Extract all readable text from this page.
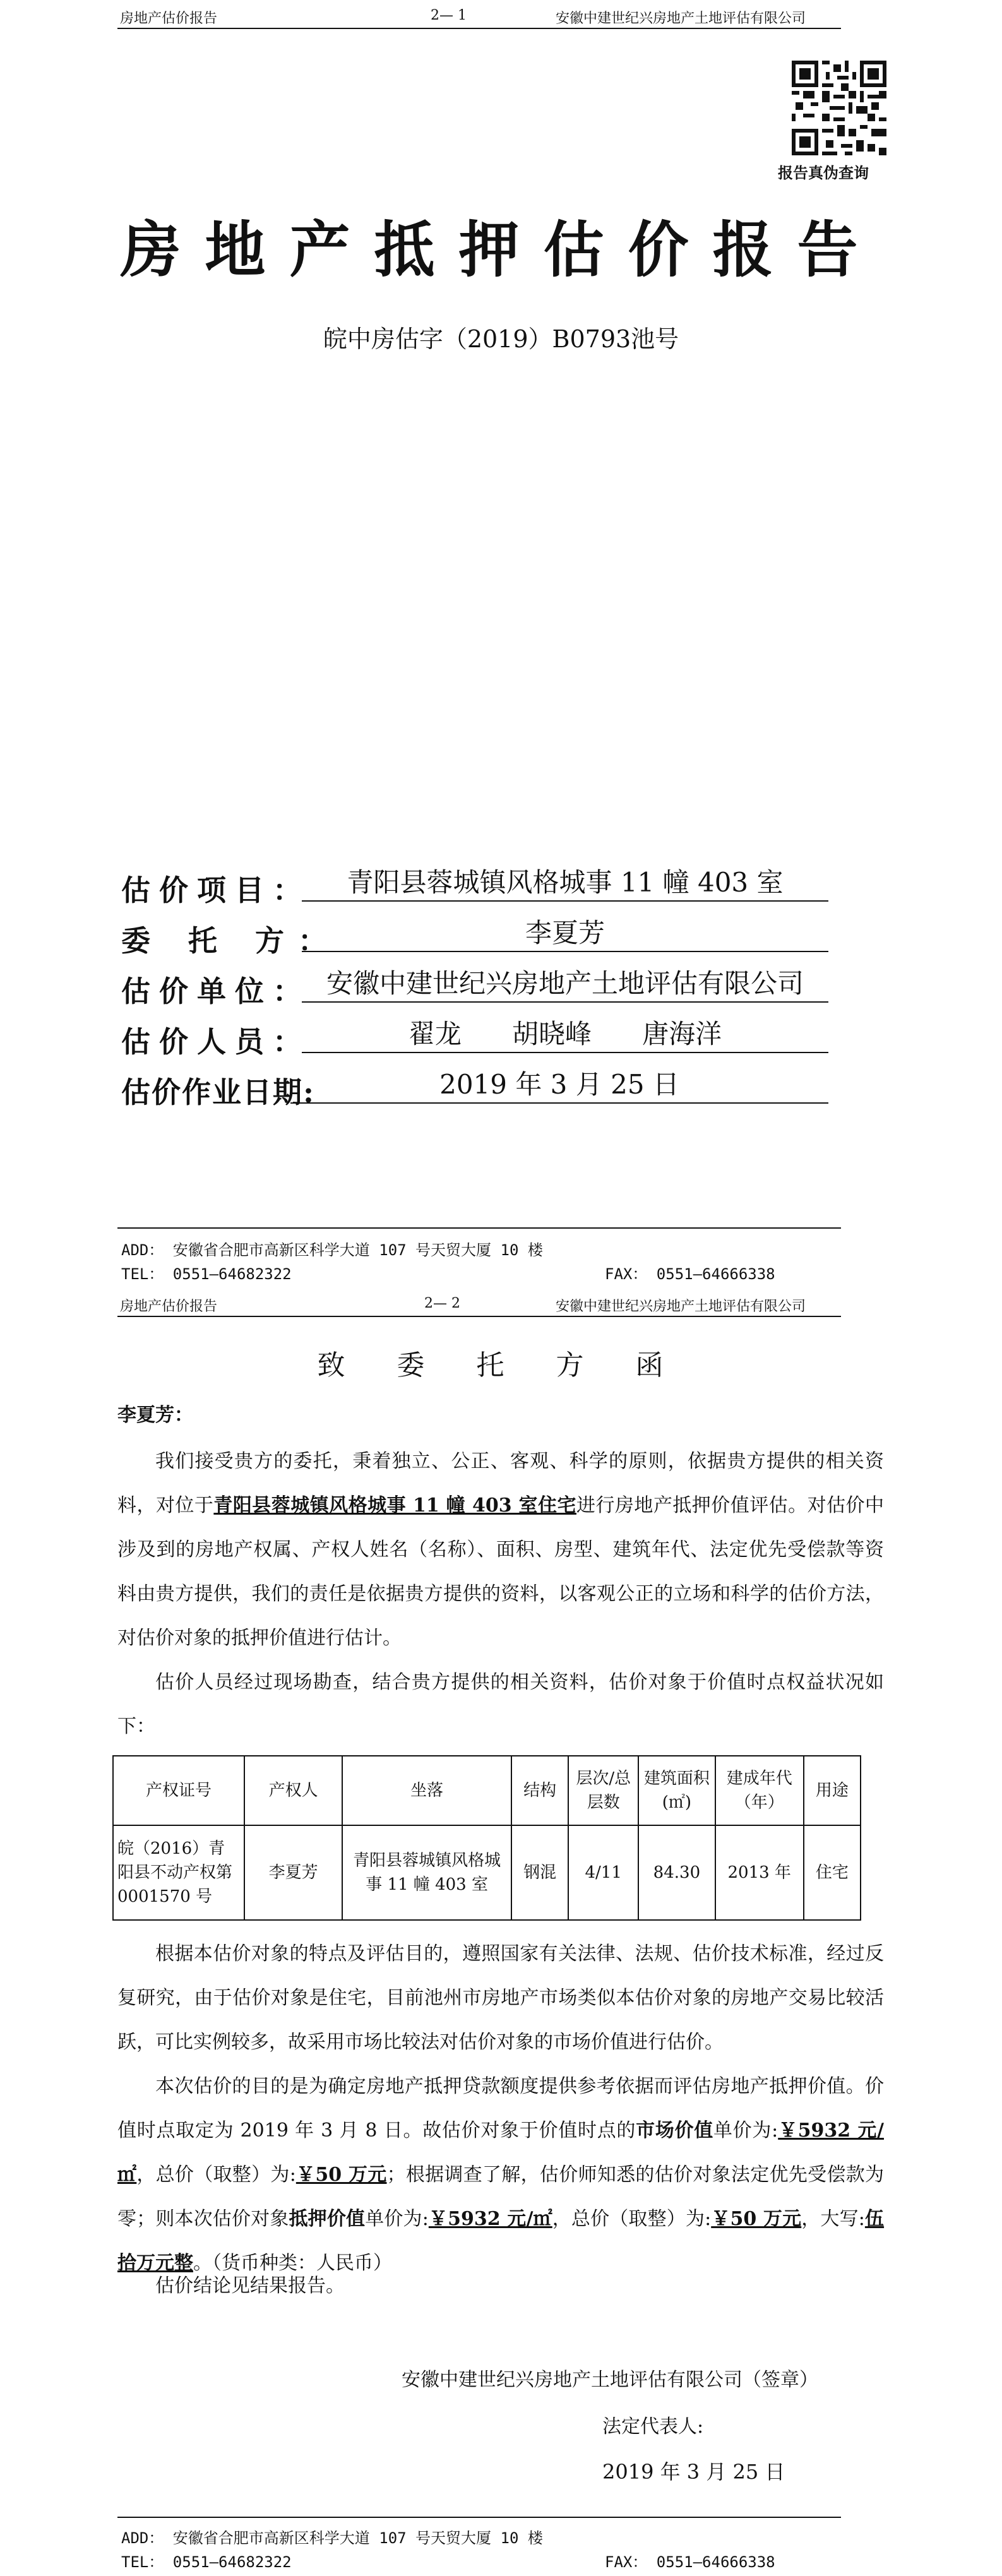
房地产估价报告	2— 1	安徽中建世纪兴房地产土地评估有限公司
报告真伪查询
房地产抵押估价报告
皖中房估字（2019）B0793池号
估价项目：	青阳县蓉城镇风格城事 11 幢 403 室
委 托 方：	李夏芳
估价单位： 安徽中建世纪兴房地产土地评估有限公司
估价人员：	翟龙      胡晓峰      唐海洋
估价作业日期:	2019 年 3 月 25 日
ADD： 安徽省合肥市高新区科学大道 107 号天贸大厦 10 楼
TEL： 0551—64682322	FAX： 0551—64666338
房地产估价报告	2— 2	安徽中建世纪兴房地产土地评估有限公司
致 委 托 方 函
李夏芳：
我们接受贵方的委托，秉着独立、公正、客观、科学的原则，依据贵方提供的相关资料，对位于青阳县蓉城镇风格城事 11 幢 403 室住宅进行房地产抵押价值评估。对估价中涉及到的房地产权属、产权人姓名（名称）、面积、房型、建筑年代、法定优先受偿款等资料由贵方提供，我们的责任是依据贵方提供的资料，以客观公正的立场和科学的估价方法，对估价对象的抵押价值进行估计。
估价人员经过现场勘查，结合贵方提供的相关资料，估价对象于价值时点权益状况如下：
产权证号	产权人	坐落	结构	层次/总层数	建筑面积(㎡)	建成年代（年）	用途
皖（2016）青阳县不动产权第 0001570 号	李夏芳	青阳县蓉城镇风格城事 11 幢 403 室	钢混	4/11	84.30	2013 年	住宅
根据本估价对象的特点及评估目的，遵照国家有关法律、法规、估价技术标准，经过反复研究，由于估价对象是住宅，目前池州市房地产市场类似本估价对象的房地产交易比较活跃，可比实例较多，故采用市场比较法对估价对象的市场价值进行估价。
本次估价的目的是为确定房地产抵押贷款额度提供参考依据而评估房地产抵押价值。价值时点取定为 2019 年 3 月 8 日。故估价对象于价值时点的市场价值单价为:￥5932 元/㎡，总价（取整）为:￥50 万元；根据调查了解，估价师知悉的估价对象法定优先受偿款为零；则本次估价对象抵押价值单价为:￥5932 元/㎡，总价（取整）为:￥50 万元，大写:伍拾万元整。（货币种类：人民币）
估价结论见结果报告。
安徽中建世纪兴房地产土地评估有限公司（签章）
法定代表人:
2019 年 3 月 25 日
ADD： 安徽省合肥市高新区科学大道 107 号天贸大厦 10 楼
TEL： 0551—64682322	FAX： 0551—64666338
